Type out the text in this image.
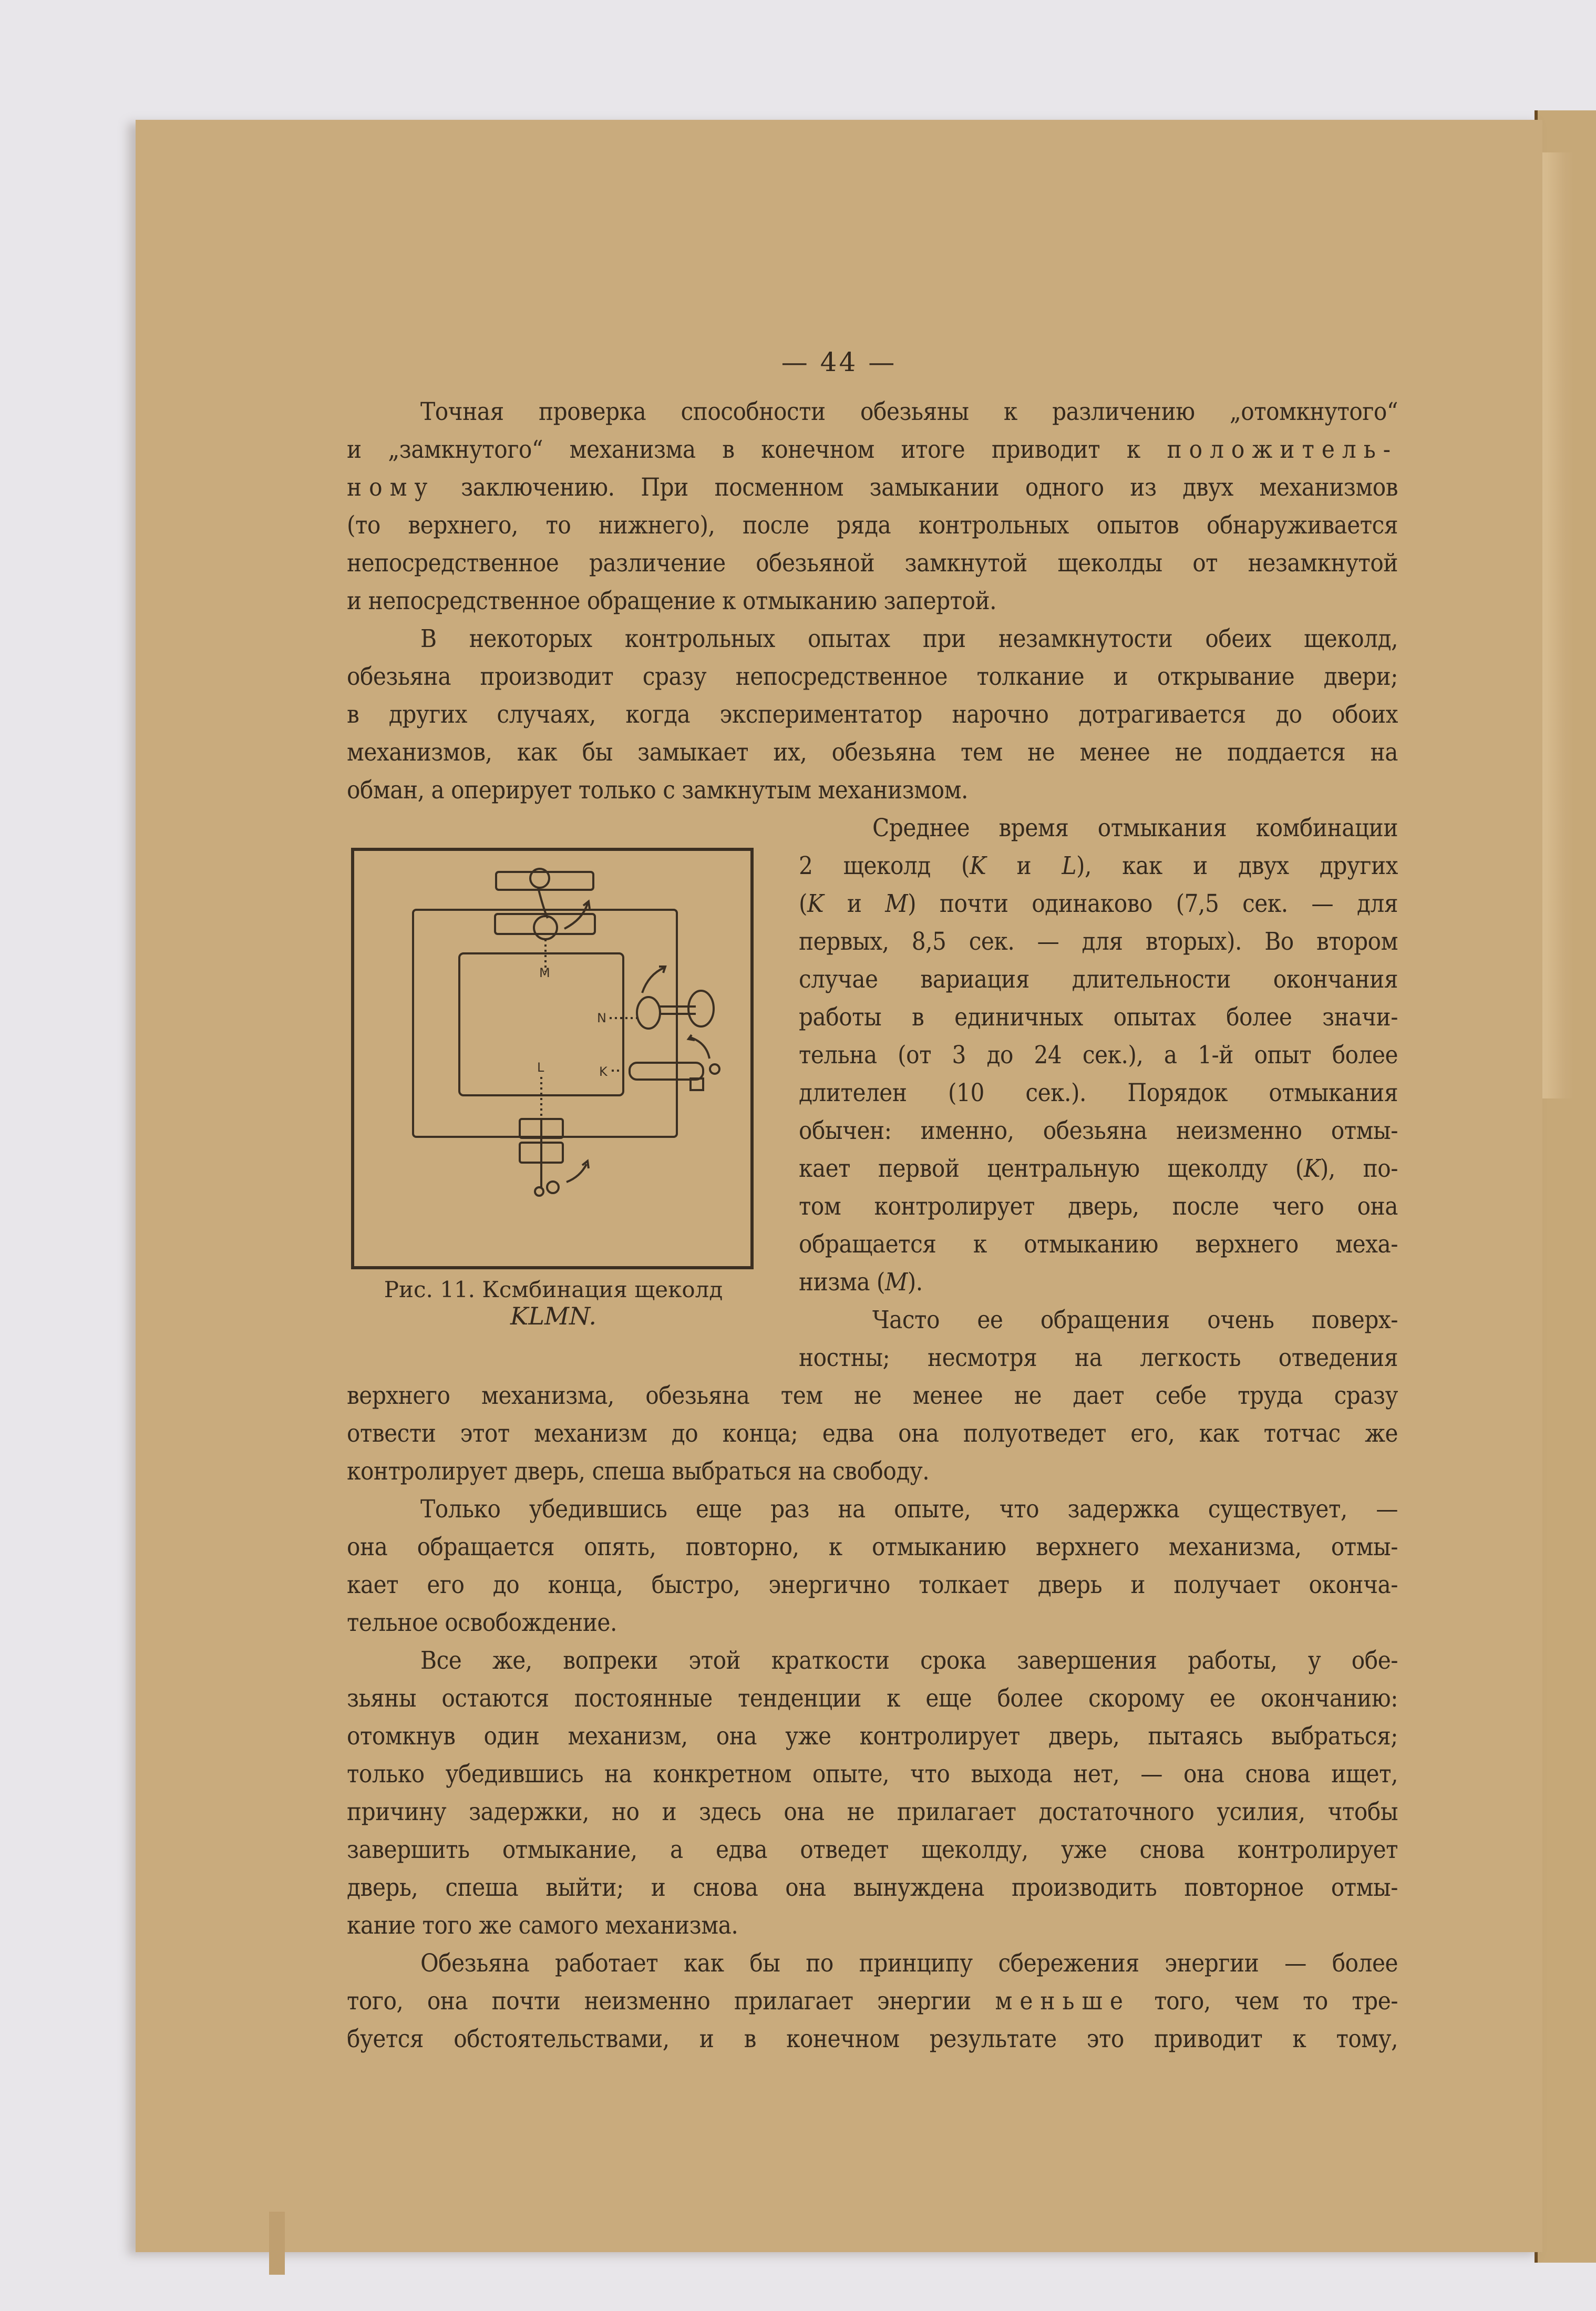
— 44 —
Точная проверка способности обезьяны к различению „отомкнутого“
и „замкнутого“ механизма в конечном итоге приводит к положитель-
ному заключению. При посменном замыкании одного из двух механизмов
(то верхнего, то нижнего), после ряда контрольных опытов обнаруживается
непосредственное различение обезьяной замкнутой щеколды от незамкнутой
и непосредственное обращение к отмыканию запертой.
В некоторых контрольных опытах при незамкнутости обеих щеколд,
обезьяна производит сразу непосредственное толкание и открывание двери;
в других случаях, когда экспериментатор нарочно дотрагивается до обоих
механизмов, как бы замыкает их, обезьяна тем не менее не поддается на
обман, а оперирует только с замкнутым механизмом.
M
N
K
L
Рис. 11. Ксмбинация щеколд
KLMN.
Среднее время отмыкания комбинации
2 щеколд (K и L), как и двух других
(K и M) почти одинаково (7,5 сек. — для
первых, 8,5 сек. — для вторых). Во втором
случае вариация длительности окончания
работы в единичных опытах более значи-
тельна (от 3 до 24 сек.), а 1-й опыт более
длителен (10 сек.). Порядок отмыкания
обычен: именно, обезьяна неизменно отмы-
кает первой центральную щеколду (K), по-
том контролирует дверь, после чего она
обращается к отмыканию верхнего меха-
низма (M).
Часто ее обращения очень поверх-
ностны; несмотря на легкость отведения
верхнего механизма, обезьяна тем не менее не дает себе труда сразу
отвести этот механизм до конца; едва она полуотведет его, как тотчас же
контролирует дверь, спеша выбраться на свободу.
Только убедившись еще раз на опыте, что задержка существует, —
она обращается опять, повторно, к отмыканию верхнего механизма, отмы-
кает его до конца, быстро, энергично толкает дверь и получает оконча-
тельное освобождение.
Все же, вопреки этой краткости срока завершения работы, у обе-
зьяны остаются постоянные тенденции к еще более скорому ее окончанию:
отомкнув один механизм, она уже контролирует дверь, пытаясь выбраться;
только убедившись на конкретном опыте, что выхода нет, — она снова ищет,
причину задержки, но и здесь она не прилагает достаточного усилия, чтобы
завершить отмыкание, а едва отведет щеколду, уже снова контролирует
дверь, спеша выйти; и снова она вынуждена производить повторное отмы-
кание того же самого механизма.
Обезьяна работает как бы по принципу сбережения энергии — более
того, она почти неизменно прилагает энергии меньше того, чем то тре-
буется обстоятельствами, и в конечном результате это приводит к тому,
